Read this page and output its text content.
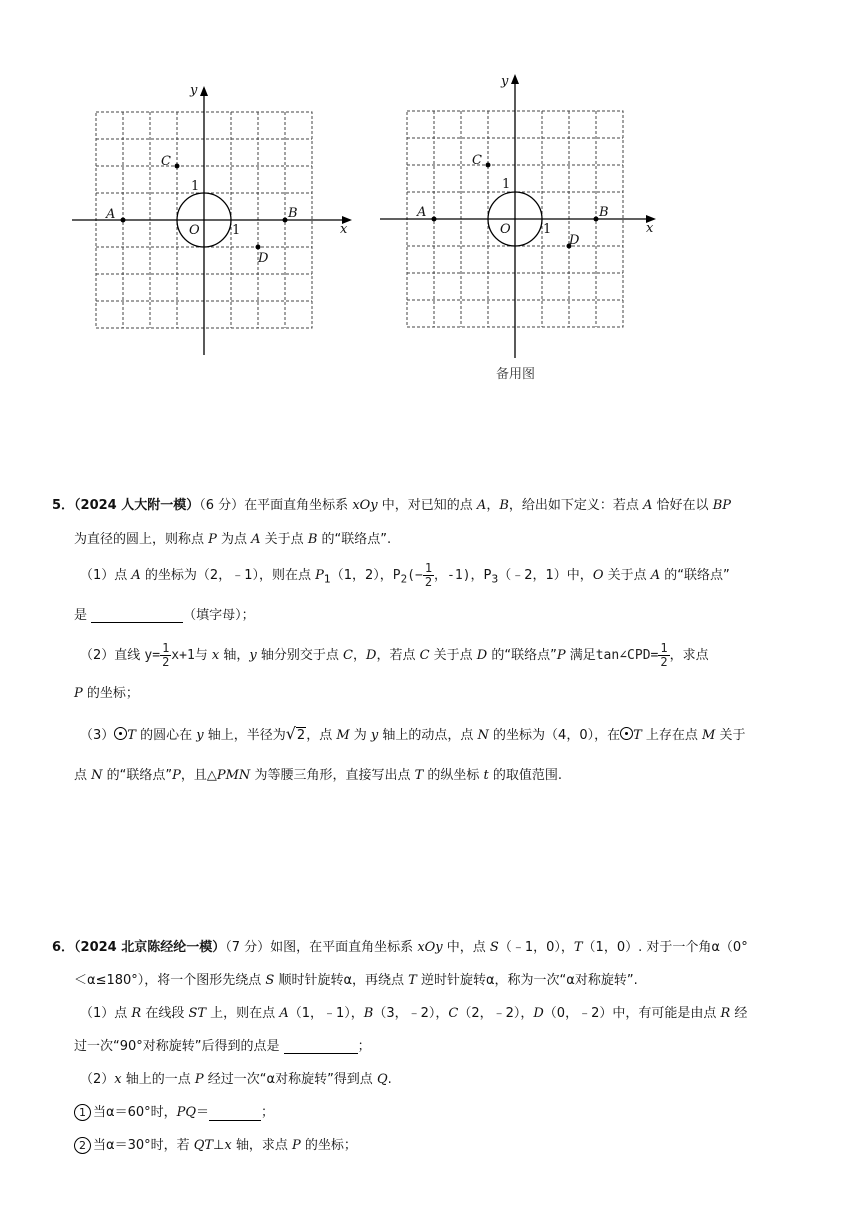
y
x
C
A	B
O
1
1
D
y
x
C
A	B
O
1
1
D
备用图
5．（2024 人大附一模）（6 分）在平面直角坐标系 xOy 中，对已知的点 A，B，给出如下定义：若点 A 恰好在以 BP
为直径的圆上，则称点 P 为点 A 关于点 B 的“联络点”.
（1）点 A 的坐标为（2，﹣1），则在点 $P_1(1$，2），$P_2(- \frac{1}{2}$ ，-1)，$P_3(﹣2$，1）中，O 关于点 A 的“联络点”
是	（填字母）；
（2）直线 $y= \frac{1}{2} x+1$与 x 轴，y 轴分别交于点 C，D，若点 C 关于点 D 的“联络点”P 满足tan∠CPD= $\frac{1}{2}$ ，求点
P 的坐标；
（3） T 的圆心在 y 轴上，半径为√2，点 M 为 y 轴上的动点，点 N 的坐标为（4，0），在 T 上存在点 M 关于
点 N 的“联络点”P，且△PMN 为等腰三角形，直接写出点 T 的纵坐标 t 的取值范围.
6．（2024 北京陈经纶一模）（7 分）如图，在平面直角坐标系 xOy 中，点 S（﹣1，0），T（1，0）. 对于一个角α（0°
＜α≤180°），将一个图形先绕点 S 顺时针旋转α，再绕点 T 逆时针旋转α，称为一次“α对称旋转”.
（1）点 R 在线段 ST 上，则在点 A（1，﹣1），B（3，﹣2），C（2，﹣2），D（0，﹣2）中，有可能是由点 R 经
过一次“90°对称旋转”后得到的点是	；
（2）x 轴上的一点 P 经过一次“α对称旋转”得到点 Q.
1 当α＝60°时，PQ＝	；
2 当α＝30°时，若 QT⊥x 轴，求点 P 的坐标；
